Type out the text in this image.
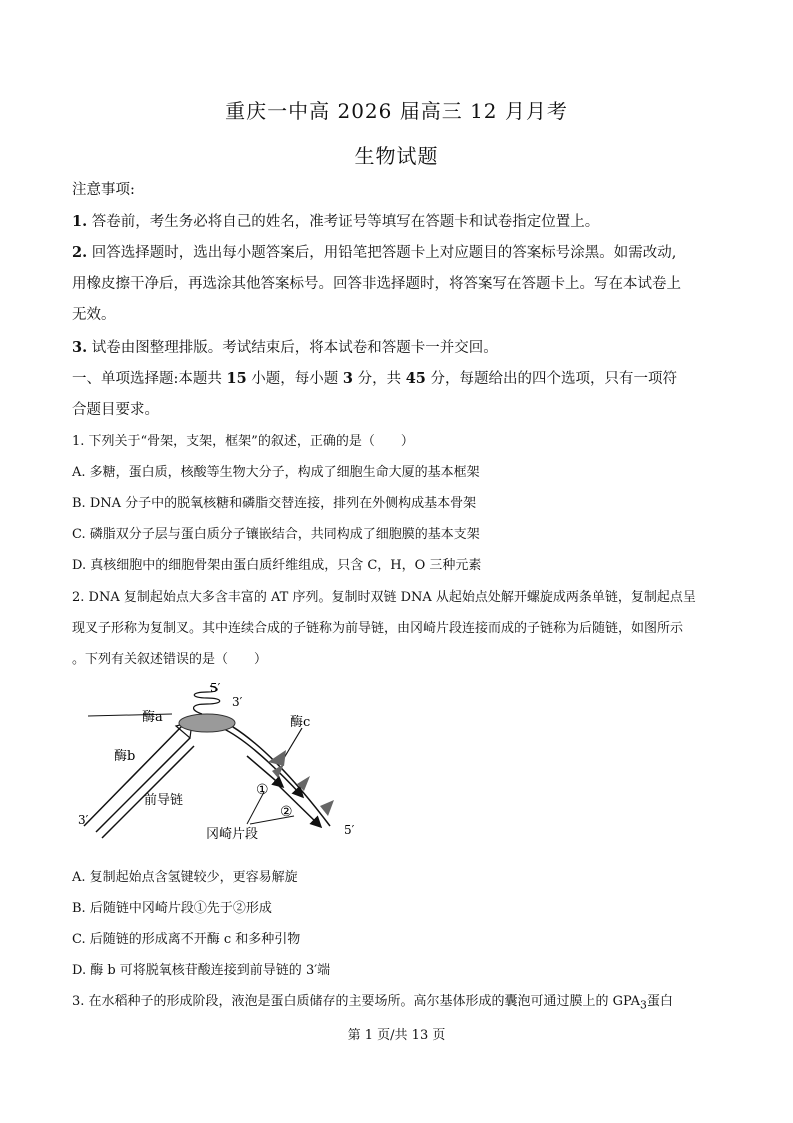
重庆一中高 2026 届高三 12 月月考
生物试题
注意事项:
1. 答卷前，考生务必将自己的姓名，准考证号等填写在答题卡和试卷指定位置上。
2. 回答选择题时，选出每小题答案后，用铅笔把答题卡上对应题目的答案标号涂黑。如需改动,
用橡皮擦干净后，再选涂其他答案标号。回答非选择题时，将答案写在答题卡上。写在本试卷上
无效。
3. 试卷由图整理排版。考试结束后，将本试卷和答题卡一并交回。
一、单项选择题:本题共 15 小题，每小题 3 分，共 45 分，每题给出的四个选项，只有一项符
合题目要求。
1. 下列关于“骨架，支架，框架”的叙述，正确的是（　　）
A. 多糖，蛋白质，核酸等生物大分子，构成了细胞生命大厦的基本框架
B. DNA 分子中的脱氧核糖和磷脂交替连接，排列在外侧构成基本骨架
C. 磷脂双分子层与蛋白质分子镶嵌结合，共同构成了细胞膜的基本支架
D. 真核细胞中的细胞骨架由蛋白质纤维组成，只含 C，H，O 三种元素
2. DNA 复制起始点大多含丰富的 AT 序列。复制时双链 DNA 从起始点处解开螺旋成两条单链，复制起点呈
现叉子形称为复制叉。其中连续合成的子链称为前导链，由冈崎片段连接而成的子链称为后随链，如图所示
。下列有关叙述错误的是（　　）
5′
3′
酶a
酶b
酶c
前导链
①
②
冈崎片段
3′
5′
A. 复制起始点含氢键较少，更容易解旋
B. 后随链中冈崎片段①先于②形成
C. 后随链的形成离不开酶 c 和多种引物
D. 酶 b 可将脱氧核苷酸连接到前导链的 3′端
3. 在水稻种子的形成阶段，液泡是蛋白质储存的主要场所。高尔基体形成的囊泡可通过膜上的 $GPA_3$蛋白
第 1 页/共 13 页
